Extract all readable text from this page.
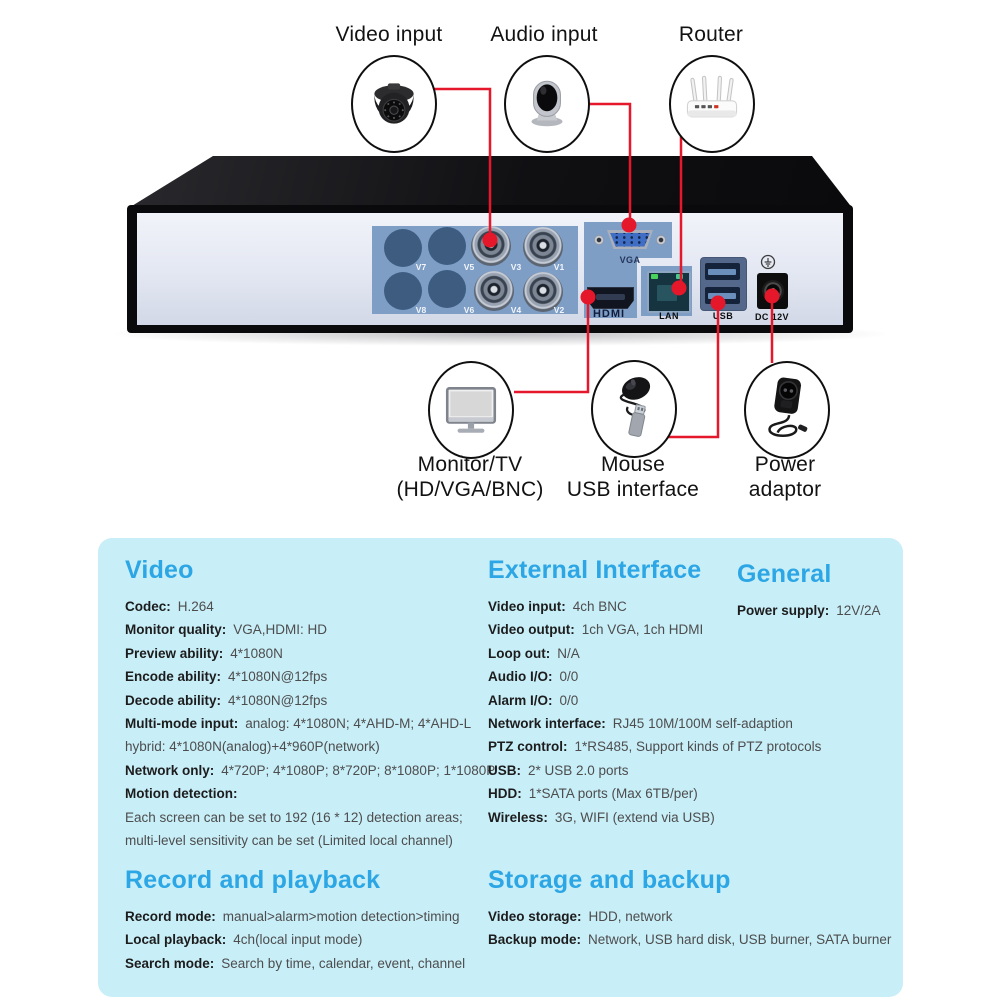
Video input	Audio input	Router
V7	V5	V3	V1
V8	V6	V4	V2
VGA
HDMI	LAN	USB	DC 12V
Monitor/TV
(HD/VGA/BNC)
Mouse
USB interface
Power
adaptor
Video
Codec: H.264
Monitor quality: VGA,HDMI: HD
Preview ability: 4*1080N
Encode ability: 4*1080N@12fps
Decode ability: 4*1080N@12fps
Multi-mode input: analog: 4*1080N; 4*AHD-M; 4*AHD-L
hybrid: 4*1080N(analog)+4*960P(network)
Network only: 4*720P; 4*1080P; 8*720P; 8*1080P; 1*1080P
Motion detection:
Each screen can be set to 192 (16 * 12) detection areas;
multi-level sensitivity can be set (Limited local channel)
External Interface
Video input: 4ch BNC
Video output: 1ch VGA, 1ch HDMI
Loop out: N/A
Audio I/O: 0/0
Alarm I/O: 0/0
Network interface: RJ45 10M/100M self-adaption
PTZ control: 1*RS485, Support kinds of PTZ protocols
USB: 2* USB 2.0 ports
HDD: 1*SATA ports (Max 6TB/per)
Wireless: 3G, WIFI (extend via USB)
General
Power supply: 12V/2A
Record and playback
Record mode: manual>alarm>motion detection>timing
Local playback: 4ch(local input mode)
Search mode: Search by time, calendar, event, channel
Storage and backup
Video storage: HDD, network
Backup mode: Network, USB hard disk, USB burner, SATA burner
